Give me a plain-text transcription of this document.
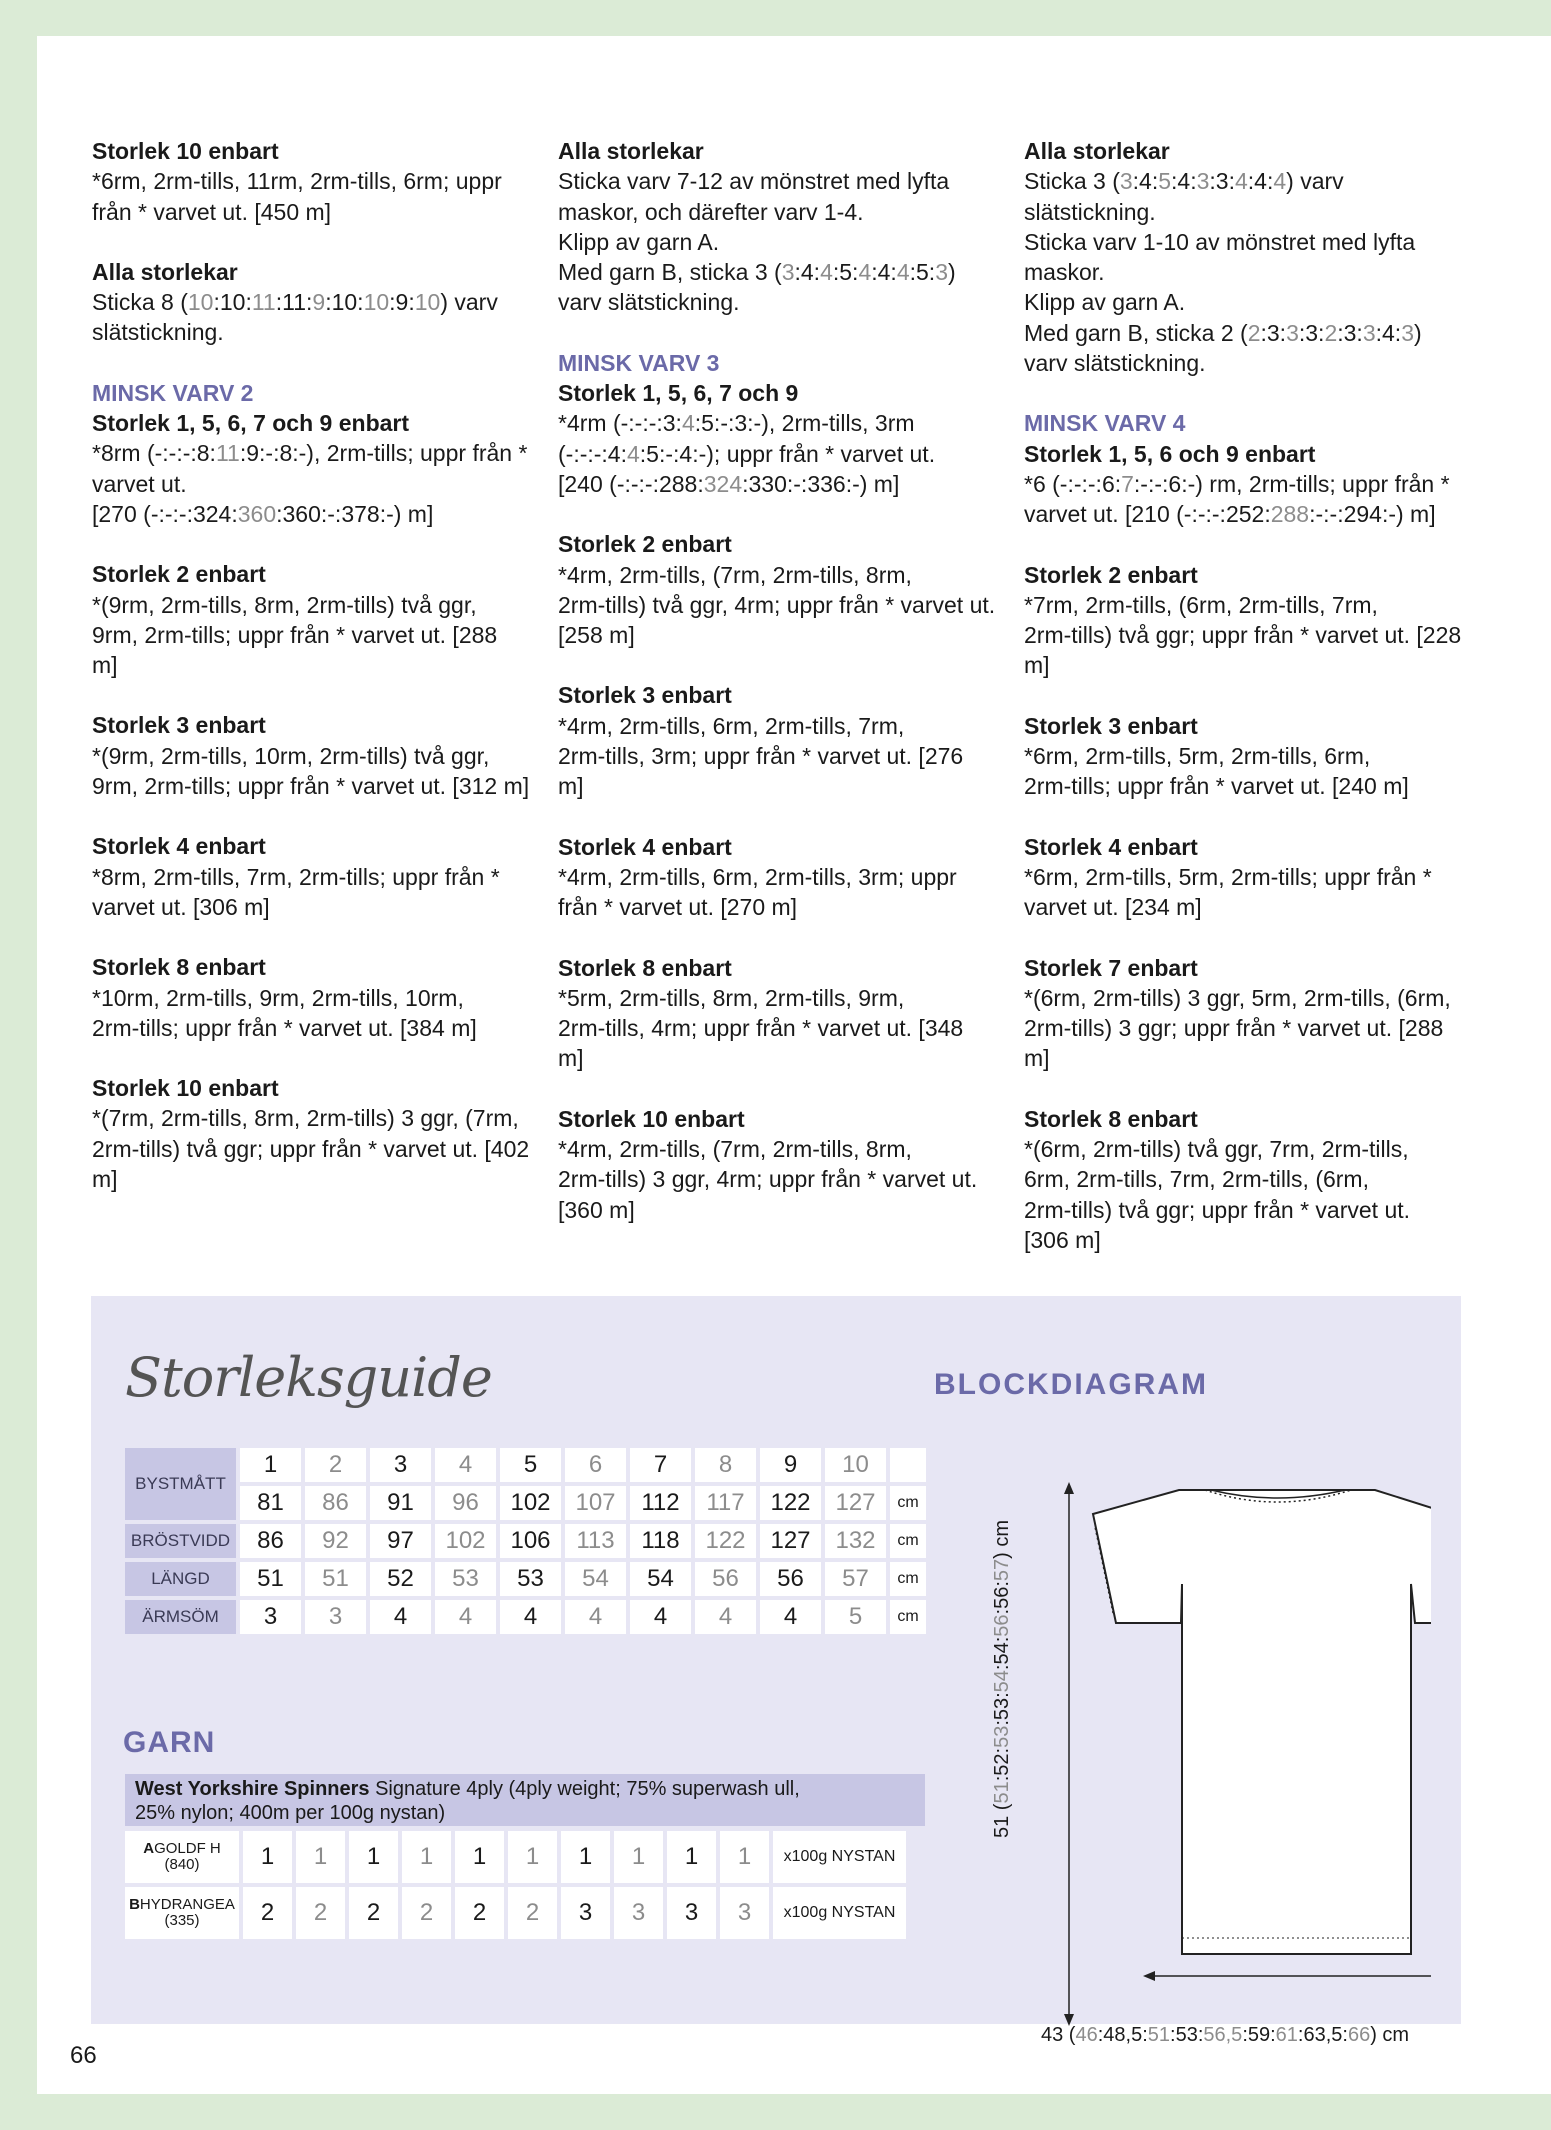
Storlek 10 enbart
*6rm, 2rm-tills, 11rm, 2rm-tills, 6rm; uppr
från * varvet ut. [450 m]
Alla storlekar
Sticka 8 (10:10:11:11:9:10:10:9:10) varv
slätstickning.
MINSK VARV 2
Storlek 1, 5, 6, 7 och 9 enbart
*8rm (-:-:-:8:11:9:-:8:-), 2rm-tills; uppr från *
varvet ut.
[270 (-:-:-:324:360:360:-:378:-) m]
Storlek 2 enbart
*(9rm, 2rm-tills, 8rm, 2rm-tills) två ggr,
9rm, 2rm-tills; uppr från * varvet ut. [288
m]
Storlek 3 enbart
*(9rm, 2rm-tills, 10rm, 2rm-tills) två ggr,
9rm, 2rm-tills; uppr från * varvet ut. [312 m]
Storlek 4 enbart
*8rm, 2rm-tills, 7rm, 2rm-tills; uppr från *
varvet ut. [306 m]
Storlek 8 enbart
*10rm, 2rm-tills, 9rm, 2rm-tills, 10rm,
2rm-tills; uppr från * varvet ut. [384 m]
Storlek 10 enbart
*(7rm, 2rm-tills, 8rm, 2rm-tills) 3 ggr, (7rm,
2rm-tills) två ggr; uppr från * varvet ut. [402
m]
Alla storlekar
Sticka varv 7-12 av mönstret med lyfta
maskor, och därefter varv 1-4.
Klipp av garn A.
Med garn B, sticka 3 (3:4:4:5:4:4:4:5:3)
varv slätstickning.
MINSK VARV 3
Storlek 1, 5, 6, 7 och 9
*4rm (-:-:-:3:4:5:-:3:-), 2rm-tills, 3rm
(-:-:-:4:4:5:-:4:-); uppr från * varvet ut.
[240 (-:-:-:288:324:330:-:336:-) m]
Storlek 2 enbart
*4rm, 2rm-tills, (7rm, 2rm-tills, 8rm,
2rm-tills) två ggr, 4rm; uppr från * varvet ut.
[258 m]
Storlek 3 enbart
*4rm, 2rm-tills, 6rm, 2rm-tills, 7rm,
2rm-tills, 3rm; uppr från * varvet ut. [276
m]
Storlek 4 enbart
*4rm, 2rm-tills, 6rm, 2rm-tills, 3rm; uppr
från * varvet ut. [270 m]
Storlek 8 enbart
*5rm, 2rm-tills, 8rm, 2rm-tills, 9rm,
2rm-tills, 4rm; uppr från * varvet ut. [348
m]
Storlek 10 enbart
*4rm, 2rm-tills, (7rm, 2rm-tills, 8rm,
2rm-tills) 3 ggr, 4rm; uppr från * varvet ut.
[360 m]
Alla storlekar
Sticka 3 (3:4:5:4:3:3:4:4:4) varv
slätstickning.
Sticka varv 1-10 av mönstret med lyfta
maskor.
Klipp av garn A.
Med garn B, sticka 2 (2:3:3:3:2:3:3:4:3)
varv slätstickning.
MINSK VARV 4
Storlek 1, 5, 6 och 9 enbart
*6 (-:-:-:6:7:-:-:6:-) rm, 2rm-tills; uppr från *
varvet ut. [210 (-:-:-:252:288:-:-:294:-) m]
Storlek 2 enbart
*7rm, 2rm-tills, (6rm, 2rm-tills, 7rm,
2rm-tills) två ggr; uppr från * varvet ut. [228
m]
Storlek 3 enbart
*6rm, 2rm-tills, 5rm, 2rm-tills, 6rm,
2rm-tills; uppr från * varvet ut. [240 m]
Storlek 4 enbart
*6rm, 2rm-tills, 5rm, 2rm-tills; uppr från *
varvet ut. [234 m]
Storlek 7 enbart
*(6rm, 2rm-tills) 3 ggr, 5rm, 2rm-tills, (6rm,
2rm-tills) 3 ggr; uppr från * varvet ut. [288 m]
Storlek 8 enbart
*(6rm, 2rm-tills) två ggr, 7rm, 2rm-tills,
6rm, 2rm-tills, 7rm, 2rm-tills, (6rm,
2rm-tills) två ggr; uppr från * varvet ut.
[306 m]
Storleksguide	BLOCKDIAGRAM
BYSTMÅTT	1	2	3	4	5	6	7	8	9	10	
	81	86	91	96	102	107	112	117	122	127	cm
BRÖSTVIDD	86	92	97	102	106	113	118	122	127	132	cm
LÄNGD	51	51	52	53	53	54	54	56	56	57	cm
ÄRMSÖM	3	3	4	4	4	4	4	4	4	5	cm
GARN
West Yorkshire Spinners Signature 4ply (4ply weight; 75% superwash ull,
25% nylon; 400m per 100g nystan)
AGOLDF H
(840)	1	1	1	1	1	1	1	1	1	1	x100g NYSTAN

BHYDRANGEA
(335)	2	2	2	2	2	2	3	3	3	3	x100g NYSTAN
51 (51:52:53:53:54:54:56:56:57) cm
43 (46:48,5:51:53:56,5:59:61:63,5:66) cm
66
